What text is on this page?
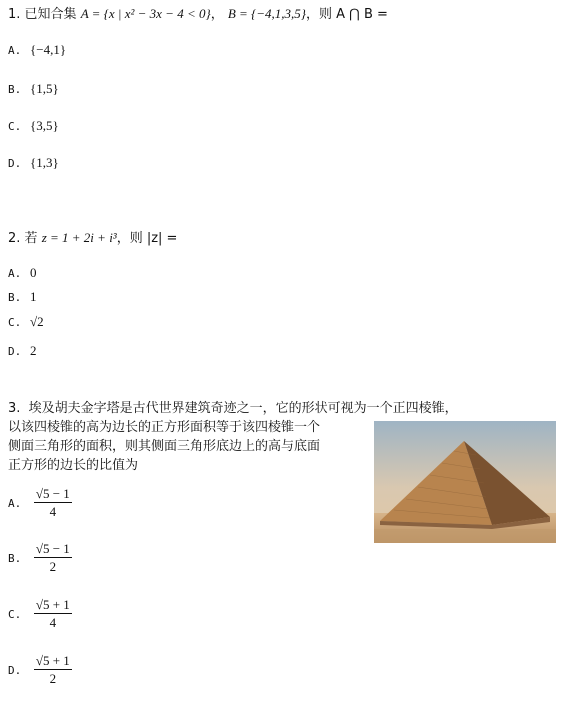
1. 已知合集 A = {x | x² − 3x − 4 < 0}， B = {−4,1,3,5}，则 A ⋂ B =
A. {−4,1}
B. {1,5}
C. {3,5}
D. {1,3}
2. 若 z = 1 + 2i + i³，则 |z| =
A. 0
B. 1
C. √2
D. 2
3. 埃及胡夫金字塔是古代世界建筑奇迹之一，它的形状可视为一个正四棱锥，
以该四棱锥的高为边长的正方形面积等于该四棱锥一个
侧面三角形的面积，则其侧面三角形底边上的高与底面
正方形的边长的比值为
A. $\frac{√5 - 1}{4}$
B. $\frac{√5 - 1}{2}$
C. $\frac{√5 + 1}{4}$
D. $\frac{√5 + 1}{2}$
